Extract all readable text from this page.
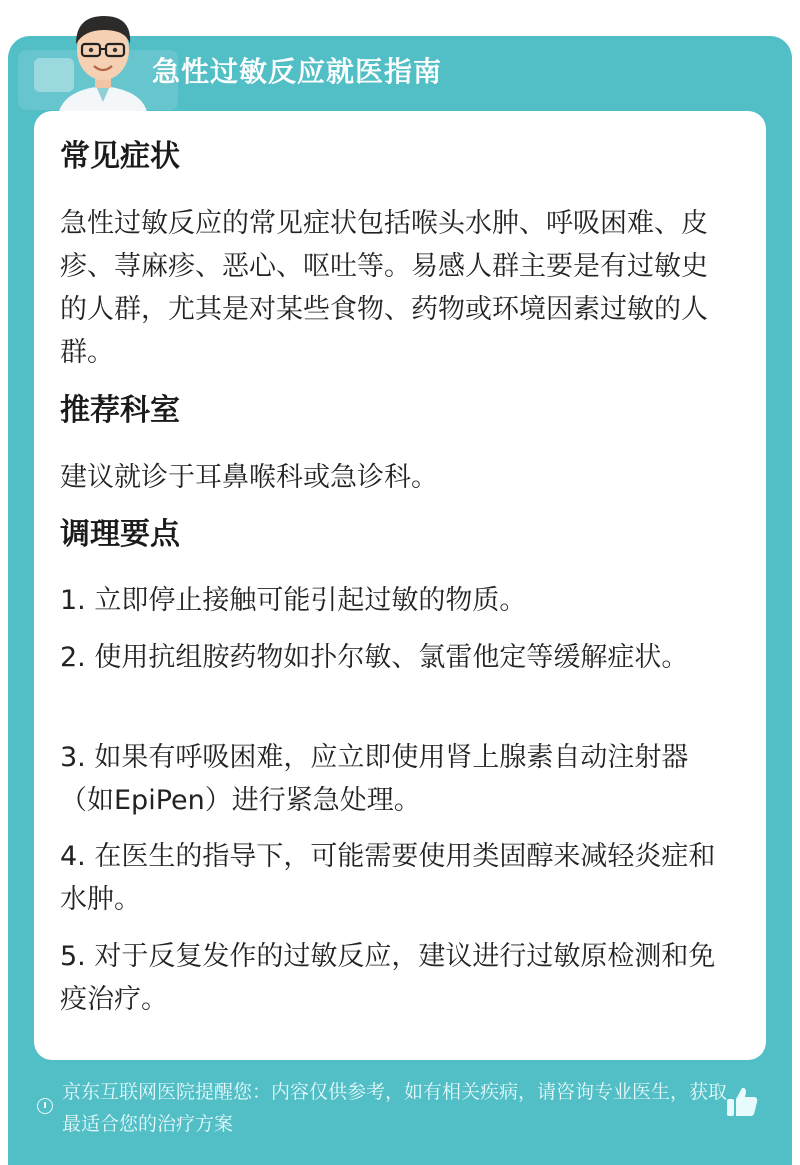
急性过敏反应就医指南
常见症状
急性过敏反应的常见症状包括喉头水肿、呼吸困难、皮疹、荨麻疹、恶心、呕吐等。易感人群主要是有过敏史的人群，尤其是对某些食物、药物或环境因素过敏的人群。
推荐科室
建议就诊于耳鼻喉科或急诊科。
调理要点
1. 立即停止接触可能引起过敏的物质。
2. 使用抗组胺药物如扑尔敏、氯雷他定等缓解症状。
3. 如果有呼吸困难，应立即使用肾上腺素自动注射器（如EpiPen）进行紧急处理。
4. 在医生的指导下，可能需要使用类固醇来减轻炎症和水肿。
5. 对于反复发作的过敏反应，建议进行过敏原检测和免疫治疗。
京东互联网医院提醒您：内容仅供参考，如有相关疾病，请咨询专业医生，获取最适合您的治疗方案
